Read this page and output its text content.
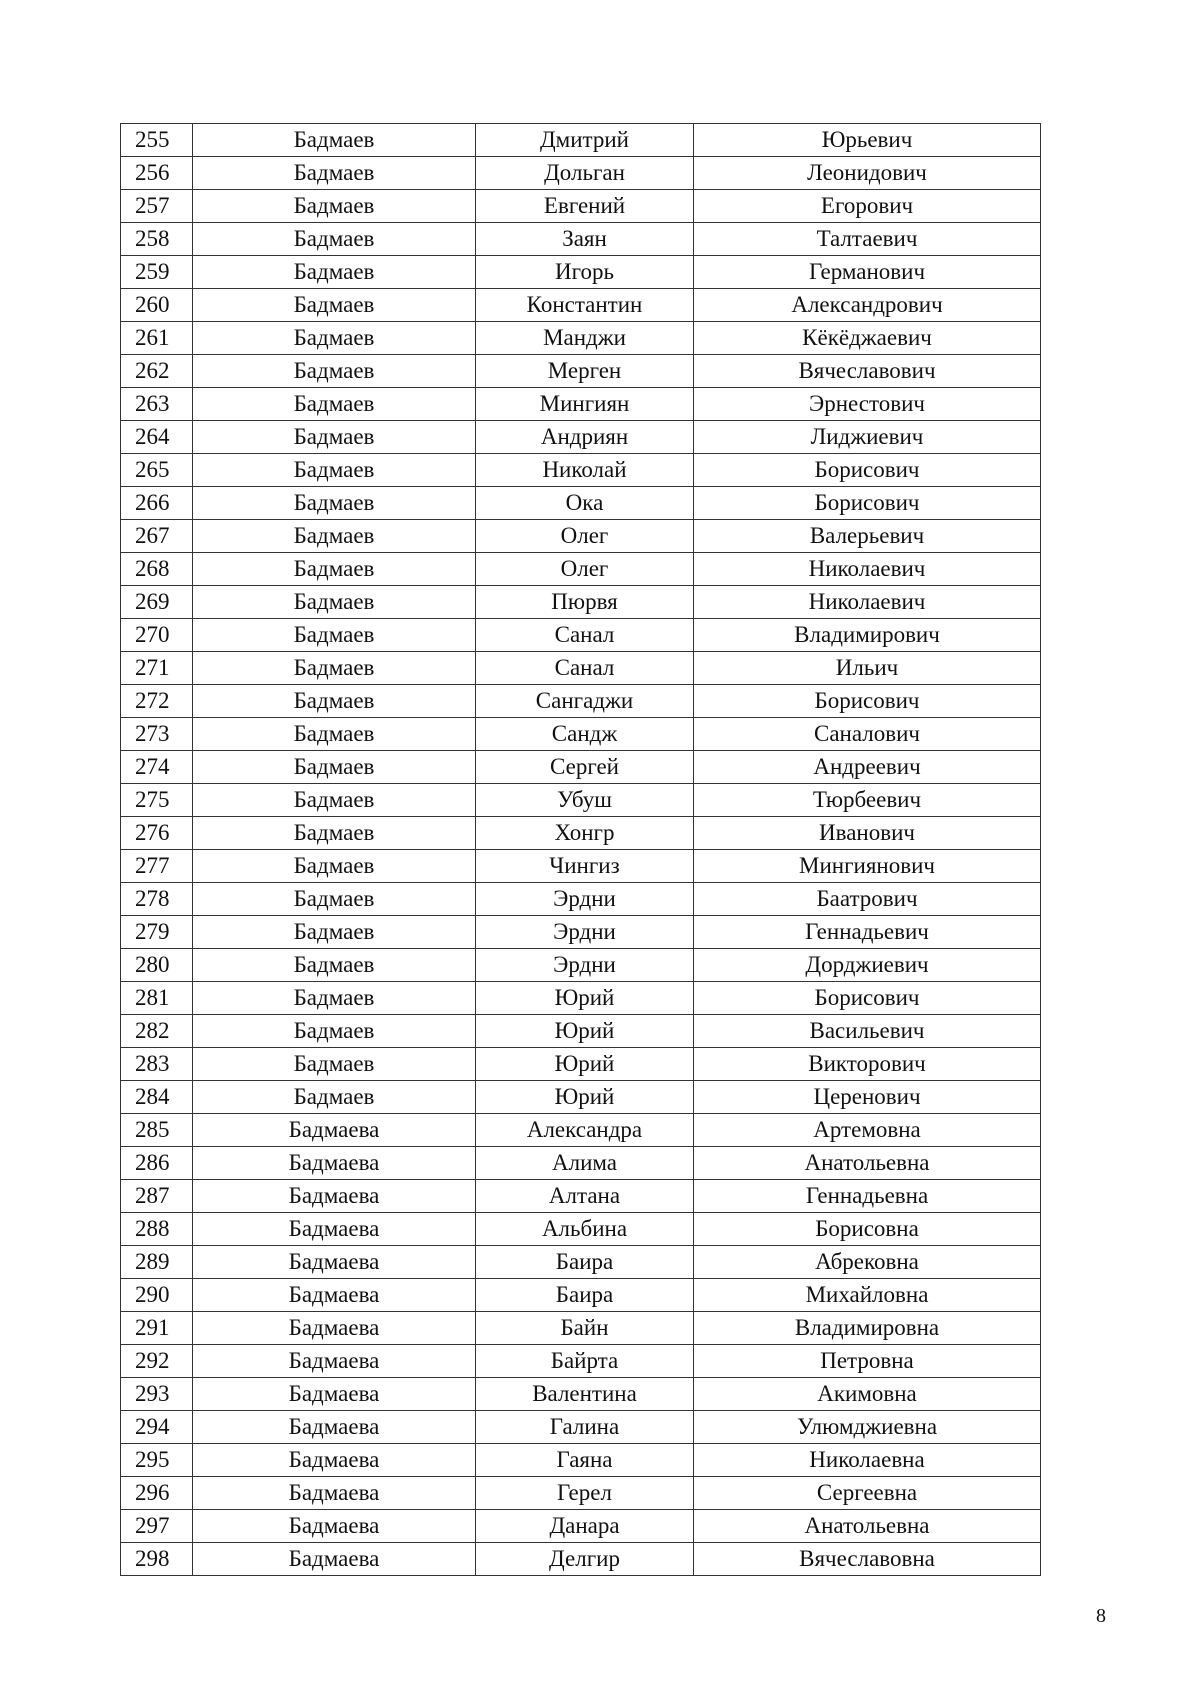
255	Бадмаев	Дмитрий	Юрьевич
256	Бадмаев	Дольган	Леонидович
257	Бадмаев	Евгений	Егорович
258	Бадмаев	Заян	Талтаевич
259	Бадмаев	Игорь	Германович
260	Бадмаев	Константин	Александрович
261	Бадмаев	Манджи	Кёкёджаевич
262	Бадмаев	Мерген	Вячеславович
263	Бадмаев	Мингиян	Эрнестович
264	Бадмаев	Андриян	Лиджиевич
265	Бадмаев	Николай	Борисович
266	Бадмаев	Ока	Борисович
267	Бадмаев	Олег	Валерьевич
268	Бадмаев	Олег	Николаевич
269	Бадмаев	Пюрвя	Николаевич
270	Бадмаев	Санал	Владимирович
271	Бадмаев	Санал	Ильич
272	Бадмаев	Сангаджи	Борисович
273	Бадмаев	Сандж	Саналович
274	Бадмаев	Сергей	Андреевич
275	Бадмаев	Убуш	Тюрбеевич
276	Бадмаев	Хонгр	Иванович
277	Бадмаев	Чингиз	Мингиянович
278	Бадмаев	Эрдни	Баатрович
279	Бадмаев	Эрдни	Геннадьевич
280	Бадмаев	Эрдни	Дорджиевич
281	Бадмаев	Юрий	Борисович
282	Бадмаев	Юрий	Васильевич
283	Бадмаев	Юрий	Викторович
284	Бадмаев	Юрий	Церенович
285	Бадмаева	Александра	Артемовна
286	Бадмаева	Алима	Анатольевна
287	Бадмаева	Алтана	Геннадьевна
288	Бадмаева	Альбина	Борисовна
289	Бадмаева	Баира	Абрековна
290	Бадмаева	Баира	Михайловна
291	Бадмаева	Байн	Владимировна
292	Бадмаева	Байрта	Петровна
293	Бадмаева	Валентина	Акимовна
294	Бадмаева	Галина	Улюмджиевна
295	Бадмаева	Гаяна	Николаевна
296	Бадмаева	Герел	Сергеевна
297	Бадмаева	Данара	Анатольевна
298	Бадмаева	Делгир	Вячеславовна
8
